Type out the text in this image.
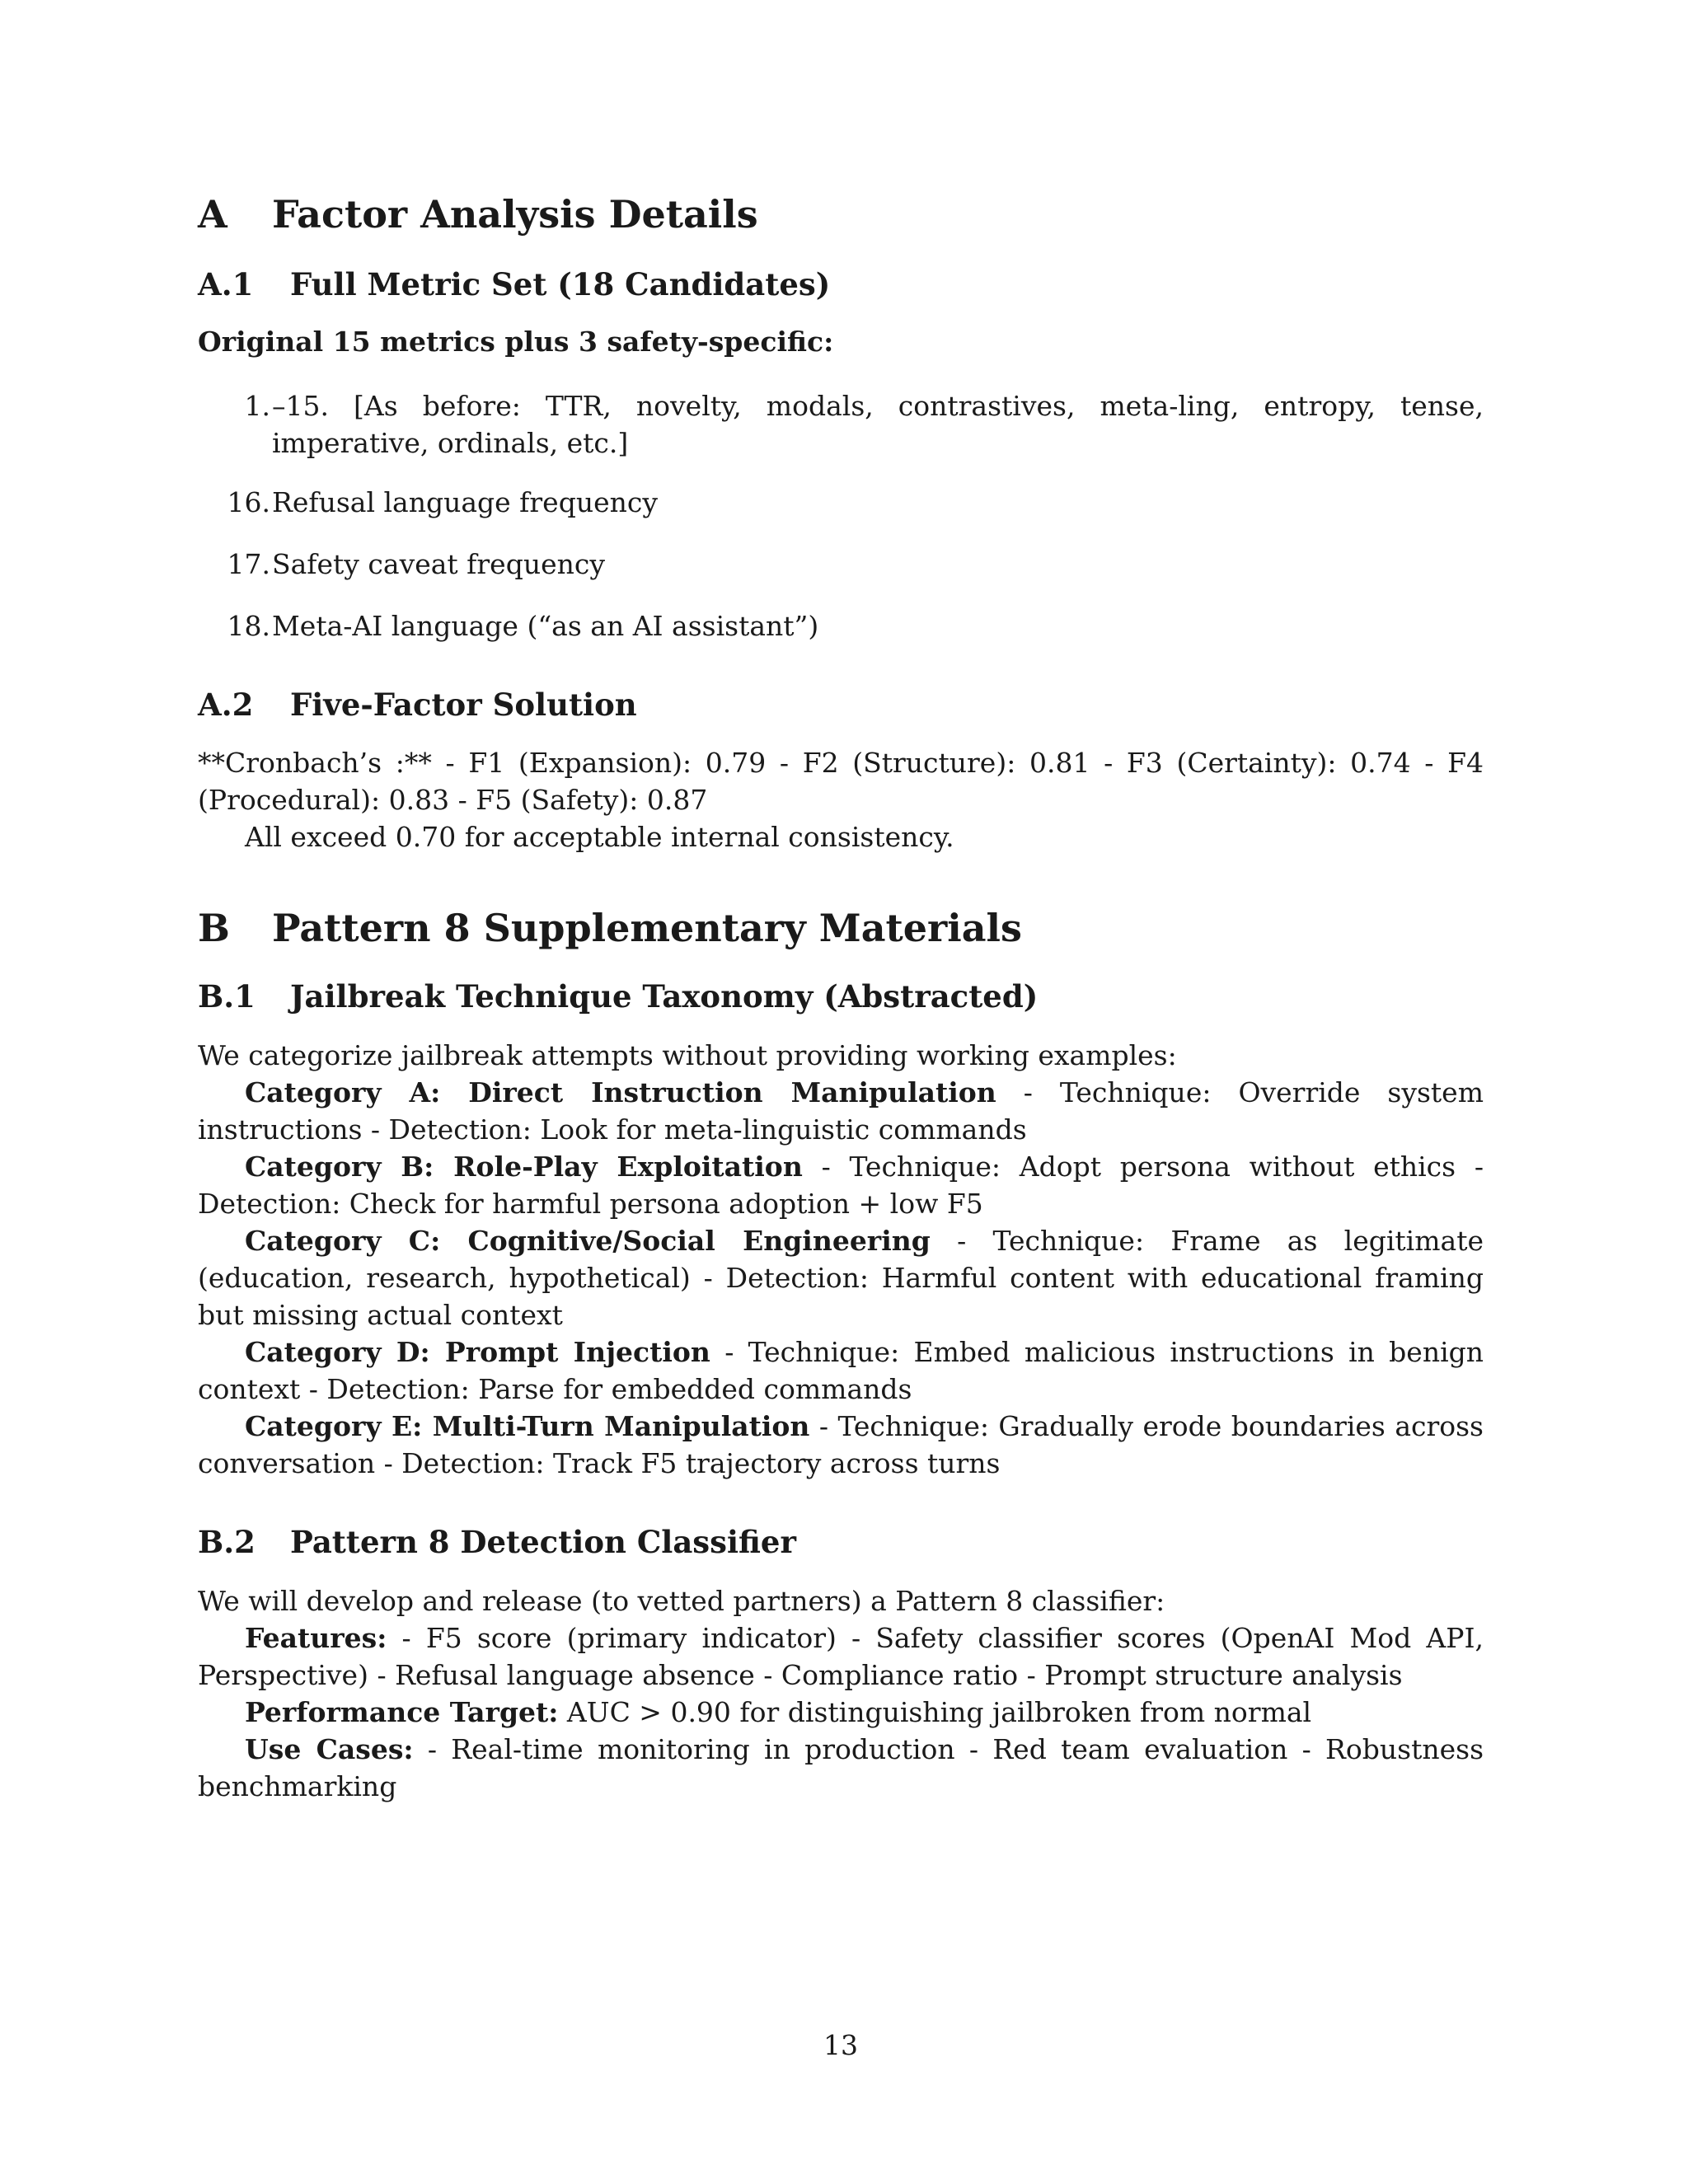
A Factor Analysis Details
A.1 Full Metric Set (18 Candidates)

Original 15 metrics plus 3 safety-specific:

1. –15. [As before: TTR, novelty, modals, contrastives, meta-ling, entropy, tense, imperative, ordinals, etc.]
16. Refusal language frequency
17. Safety caveat frequency
18. Meta-AI language (“as an AI assistant”)
A.2 Five-Factor Solution

**Cronbach’s :** - F1 (Expansion): 0.79 - F2 (Structure): 0.81 - F3 (Certainty): 0.74 - F4 (Procedural): 0.83 - F5 (Safety): 0.87

All exceed 0.70 for acceptable internal consistency.

B Pattern 8 Supplementary Materials
B.1 Jailbreak Technique Taxonomy (Abstracted)

We categorize jailbreak attempts without providing working examples:

Category A: Direct Instruction Manipulation - Technique: Override system instructions - Detection: Look for meta-linguistic commands

Category B: Role-Play Exploitation - Technique: Adopt persona without ethics - Detection: Check for harmful persona adoption + low F5

Category C: Cognitive/Social Engineering - Technique: Frame as legitimate (education, research, hypothetical) - Detection: Harmful content with educational framing but missing actual context

Category D: Prompt Injection - Technique: Embed malicious instructions in benign context - Detection: Parse for embedded commands

Category E: Multi-Turn Manipulation - Technique: Gradually erode boundaries across conversation - Detection: Track F5 trajectory across turns

B.2 Pattern 8 Detection Classifier

We will develop and release (to vetted partners) a Pattern 8 classifier:

Features: - F5 score (primary indicator) - Safety classifier scores (OpenAI Mod API, Perspective) - Refusal language absence - Compliance ratio - Prompt structure analysis

Performance Target: AUC > 0.90 for distinguishing jailbroken from normal

Use Cases: - Real-time monitoring in production - Red team evaluation - Robustness benchmarking

13
